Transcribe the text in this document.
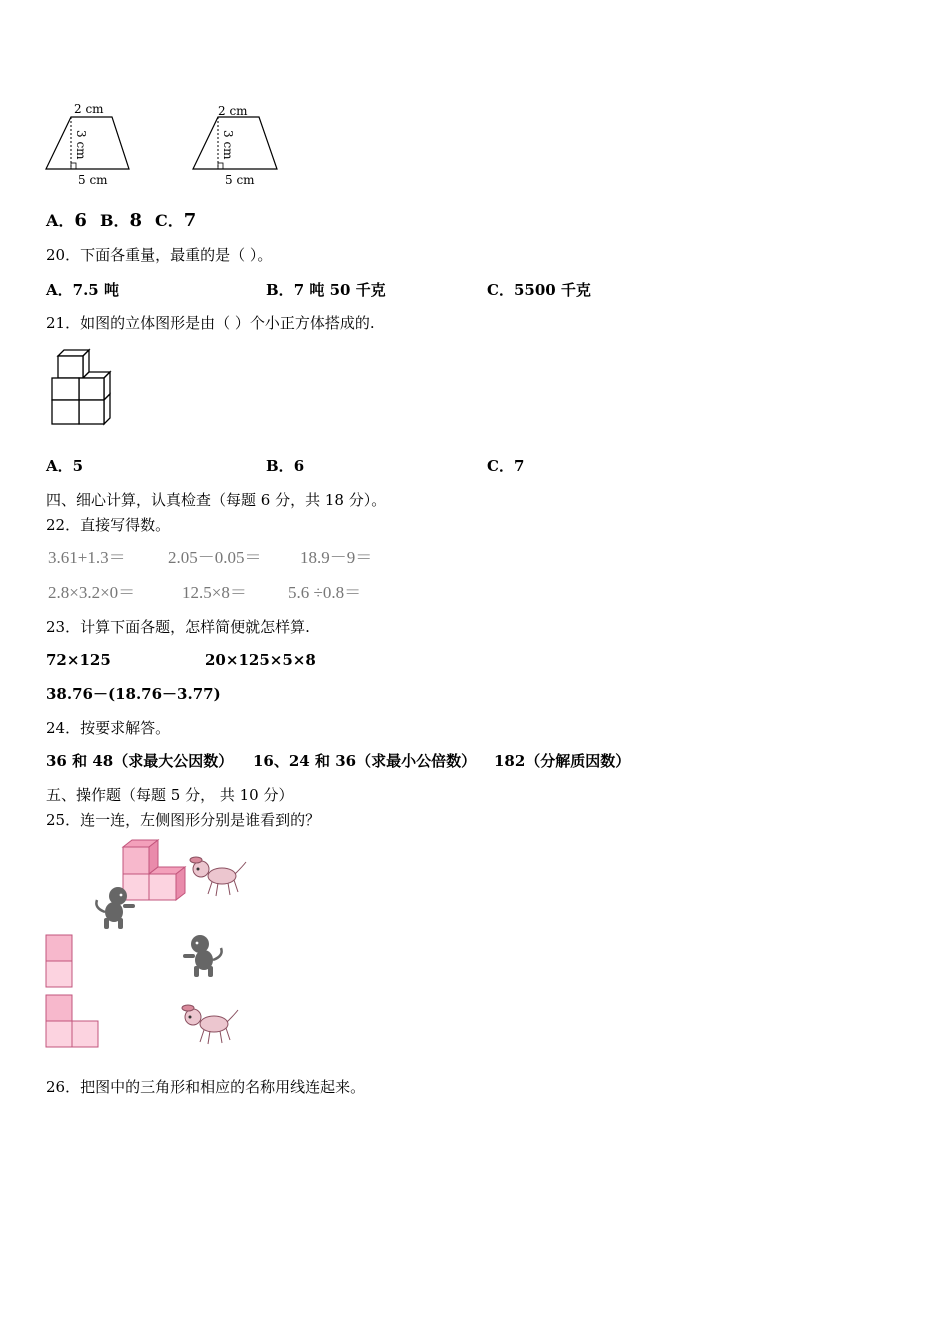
2 cm
3 cm
5 cm
2 cm
3 cm
5 cm
A．6 B．8 C．7
20．下面各重量，最重的是（ ）。
A．7.5 吨	B．7 吨 50 千克	C．5500 千克
21．如图的立体图形是由（ ）个小正方体搭成的.
A．5	B．6	C．7
四、细心计算，认真检查（每题 6 分，共 18 分）。
22．直接写得数。
3.61+1.3＝ 2.05－0.05＝ 18.9－9＝
2.8×3.2×0＝	12.5×8＝ 5.6 ÷0.8＝
23．计算下面各题，怎样简便就怎样算.
72×125	20×125×5×8
38.76－(18.76－3.77)
24．按要求解答。
36 和 48（求最大公因数） 16、24 和 36（求最小公倍数） 182（分解质因数）
五、操作题（每题 5 分， 共 10 分）
25．连一连，左侧图形分别是谁看到的？
26．把图中的三角形和相应的名称用线连起来。
